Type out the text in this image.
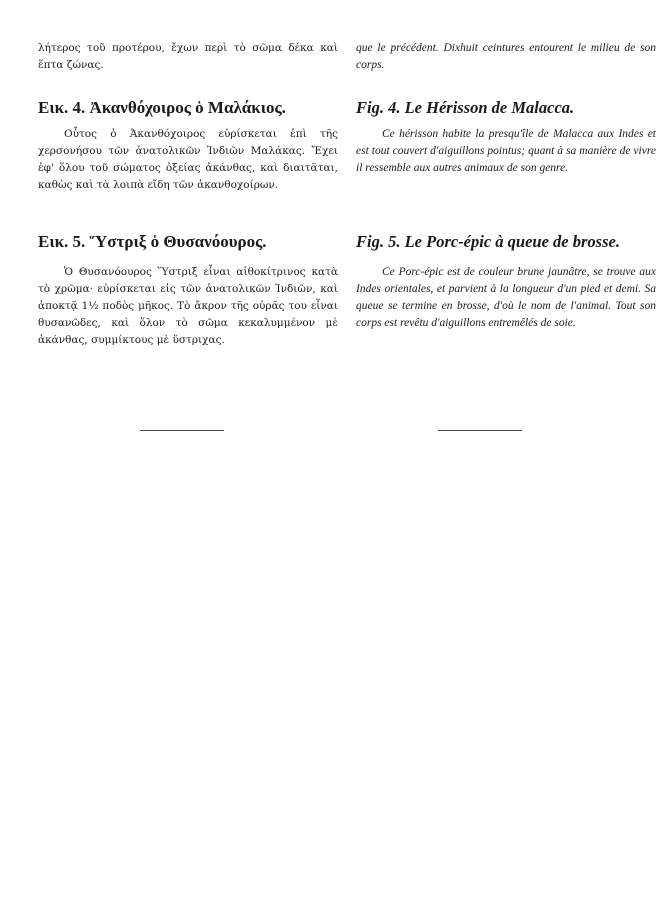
λήτερος τοῦ προτέρου, ἔχων περὶ τὸ σῶμα δέκα καὶ ἕπτα ζώνας.

Εικ. 4. Ἀκανθόχοιρος ὁ Μαλάκιος.

Οὗτος ὁ Ἀκανθόχοιρος εὑρίσκεται ἐπὶ τῆς χερσονήσου τῶν ἀνατολικῶν Ἰνδιῶν Μαλάκας. Ἔχει ἐφ' ὅλου τοῦ σώματος ὀξείας ἀκάνθας, καὶ διαιτᾶται, καθὼς καὶ τὰ λοιπὰ εἴδη τῶν ἀκανθοχοίρων.

Εικ. 5. Ὕστριξ ὁ Θυσανόουρος.

Ὁ Θυσανόουρος Ὕστριξ εἶναι αἰθοκίτρινος κατὰ τὸ χρῶμα· εὑρίσκεται εἰς τῶν ἀνατολικῶν Ἰνδιῶν, καὶ ἀποκτᾷ 1½ ποδὸς μῆκος. Τὸ ἄκρον τῆς οὐρᾶς του εἶναι θυσανῶδες, καὶ ὅλον τὸ σῶμα κεκαλυμμένον μὲ ἀκάνθας, συμμίκτους μὲ ὕστριχας.

que le précédent. Dixhuit ceintures entourent le milieu de son corps.

Fig. 4. Le Hérisson de Malacca.

Ce hérisson habite la presqu'île de Malacca aux Indes et est tout couvert d'aiguillons pointus; quant à sa manière de vivre il ressemble aux autres animaux de son genre.

Fig. 5. Le Porc-épic à queue de brosse.

Ce Porc-épic est de couleur brune jaunâtre, se trouve aux Indes orientales, et parvient à la longueur d'un pied et demi. Sa queue se termine en brosse, d'où le nom de l'animal. Tout son corps est revêtu d'aiguillons entremêlés de soie.
